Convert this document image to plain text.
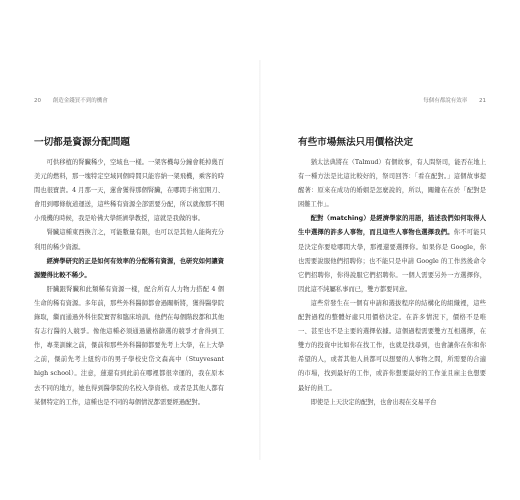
20 創造金錢買不到的機會
一切都是資源分配問題

可供移植的腎臟稀少，空域也一樣。一架客機每分鐘會耗掉幾百美元的燃料，那一塊特定空域同個時間只能容納一架飛機，乘客的時間也很寶貴。4 月那一天，蓮會獲得那個腎臟，在哪間手術室開刀、會用到哪條航道運送，這些稀有資源全部需要分配，所以就像那不開小飛機的時候，我是哈佛大學經濟學教授，這就是我做的事。

腎臟這種東西換言之，可能數量有限，也可以是其他人能夠充分利用的稀少資源。

經濟學研究的正是如何有效率的分配稀有資源，也研究如何讓資源變得比較不稀少。

肝臟跟腎臟和此類稀有資源一樣，配合所有人力物力搭配 4 個生命的稀有資源。多年前，那些外科醫師都會過關斬將，獲得醫學院錄取，繼而通過外科住院實習和臨床培訓。他們在每個階段都和其他有志行醫的人競爭。像他這種必須通過嚴格篩選的競爭才會得到工作，專業訓練之前，傑前和那些外科醫師都要先考上大學，在上大學之前，傑前先考上紐約市的男子學校史岱文森高中（Stuyvesant high school）。注意，蓮還有到此前在哪裡都很幸運的，我在原本去不同的地方，她也得到醫學院的名校入學資格。或者是其他人都有某個特定的工作，這種也是不同的每個情況都需要經過配對。

每個有都說有效率 21
有些市場無法只用價格決定

猶太法典將在（Talmud）有個故事，有人問祭司，能否在地上有一種方法是比這比較好的，祭司回答：「看在配對。」這個故事提醒著：原來在成功的婚姻是怎麼說的，所以，關鍵在在於「配對是困難工作」。

配對（matching）是經濟學家的用語，描述我們如何取得人生中選擇的許多人事物，而且這些人事物也選擇我們。你不可能只是決定你要唸哪間大學，那裡還要選擇你。如果你是 Google，你也需要說服他們招聘你；也不能只是申請 Google 的工作然後命令它們招聘你，你得說服它們招聘你。一個人需要另外一方選擇你，因此這不純屬私事而已，雙方都要同意。

這些常發生在一個有申請和選拔程序的結構化的組織裡，這些配對過程的整體好處只用價格決定。在許多情況下，價格不是唯一、甚至也不是主要的選擇依據。這個過程需要雙方互相選擇，在雙方的投資中比如你在找工作，也就是找尋到，也會讓你在你和你希望的人，或者其他人員都可以想要的人事物之間，所需要的合適的市場，找到最好的工作，或許你想要最好的工作並且雇主也想要最好的員工。

即使是上天決定的配對，也會出現在交易平台
